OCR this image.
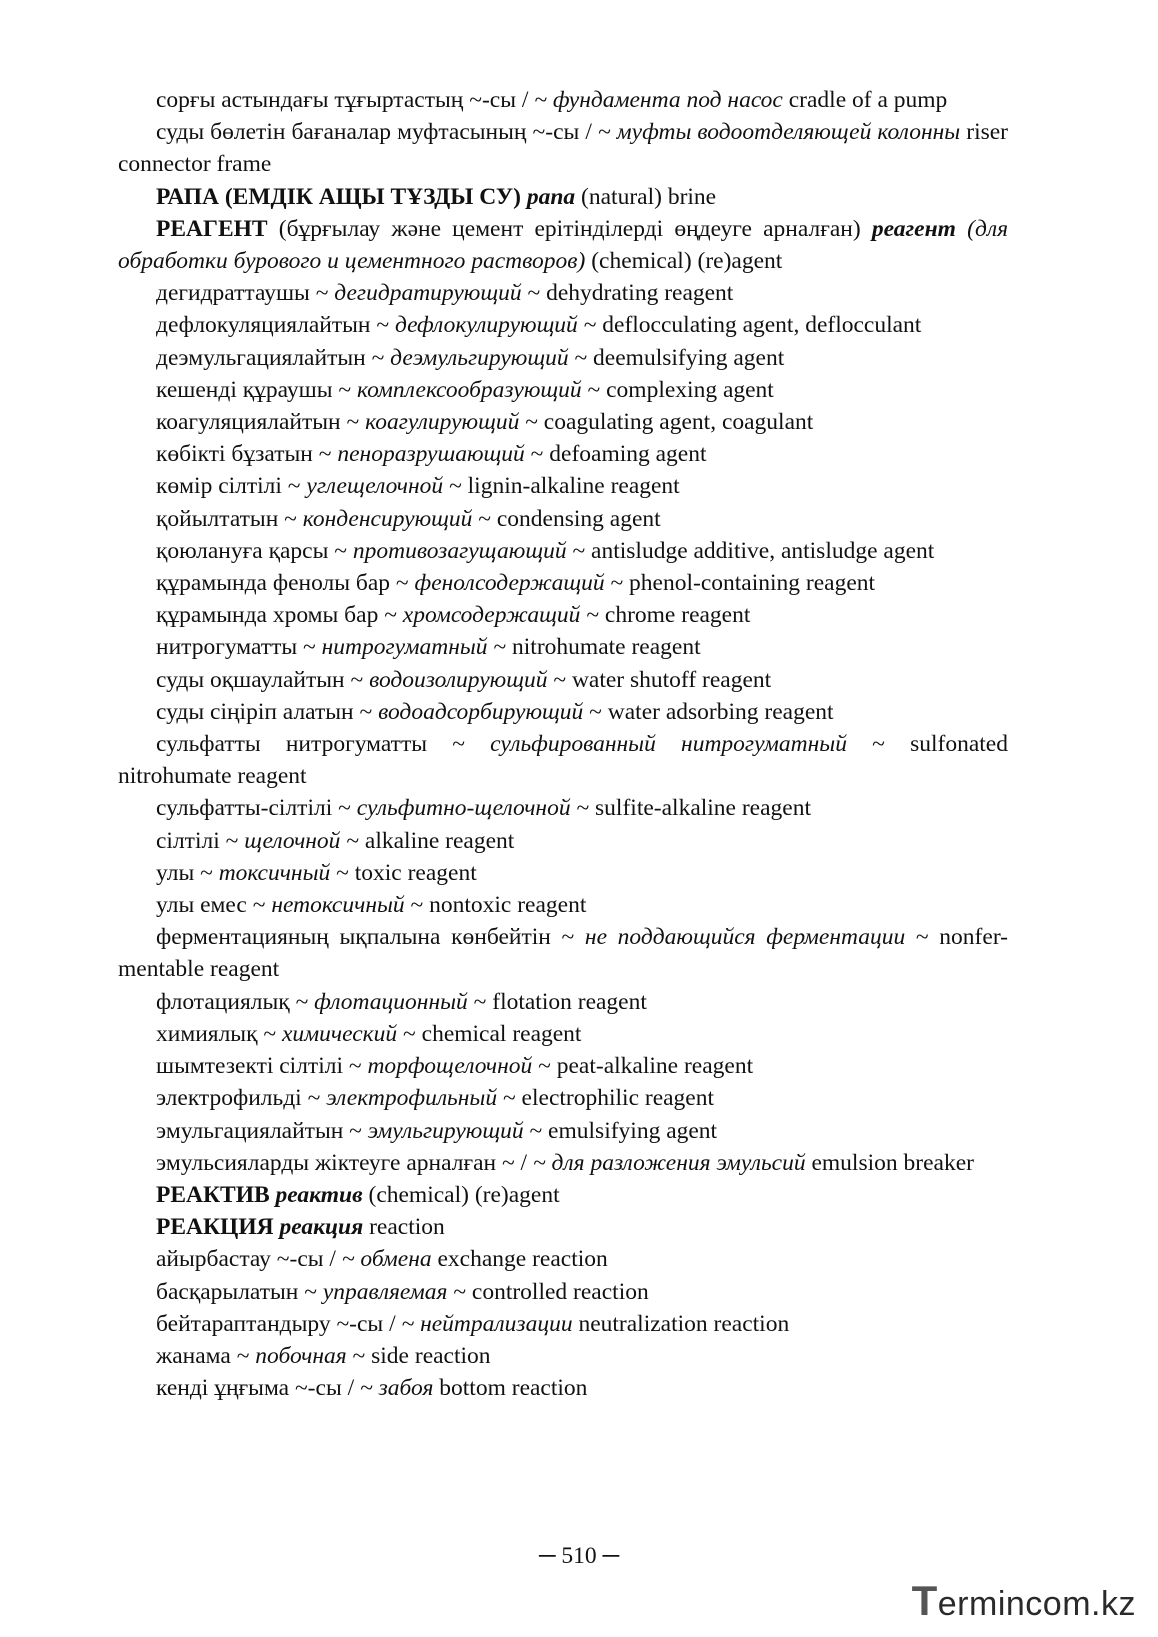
сорғы астындағы тұғыртастың ~-сы / ~ фундамента под насос cradle of a pump

суды бөлетін бағаналар муфтасының ~-сы / ~ муфты водоотделяющей колонны riser connector frame

РАПА (ЕМДІК АЩЫ ТҰЗДЫ СУ) рапа (natural) brine

РЕАГЕНТ (бұрғылау және цемент ерітінділерді өңдеуге арналған) реагент (для обработки бурового и цементного растворов) (chemical) (re)agent

дегидраттаушы ~ дегидратирующий ~ dehydrating reagent

дефлокуляциялайтын ~ дефлокулирующий ~ deflocculating agent, deflocculant

деэмульгациялайтын ~ деэмульгирующий ~ deemulsifying agent

кешенді құраушы ~ комплексообразующий ~ complexing agent

коагуляциялайтын ~ коагулирующий ~ coagulating agent, coagulant

көбікті бұзатын ~ пеноразрушающий ~ defoaming agent

көмір сілтілі ~ углещелочной ~ lignin-alkaline reagent

қойылтатын ~ конденсирующий ~ condensing agent

қоюлануға қарсы ~ противозагущающий ~ antisludge additive, antisludge agent

құрамында фенолы бар ~ фенолсодержащий ~ phenol-containing reagent

құрамында хромы бар ~ хромсодержащий ~ chrome reagent

нитрогуматты ~ нитрогуматный ~ nitrohumate reagent

суды оқшаулайтын ~ водоизолирующий ~ water shutoff reagent

суды сіңіріп алатын ~ водоадсорбирующий ~ water adsorbing reagent

сульфатты нитрогуматты ~ сульфированный нитрогуматный ~ sulfonated nitrohumate reagent

сульфатты-сілтілі ~ сульфитно-щелочной ~ sulfite-alkaline reagent

сілтілі ~ щелочной ~ alkaline reagent

улы ~ токсичный ~ toxic reagent

улы емес ~ нетоксичный ~ nontoxic reagent

ферментацияның ықпалына көнбейтін ~ не поддающийся ферментации ~ nonfer-mentable reagent

флотациялық ~ флотационный ~ flotation reagent

химиялық ~ химический ~ chemical reagent

шымтезекті сілтілі ~ торфощелочной ~ peat-alkaline reagent

электрофильді ~ электрофильный ~ electrophilic reagent

эмульгациялайтын ~ эмульгирующий ~ emulsifying agent

эмульсияларды жіктеуге арналған ~ / ~ для разложения эмульсий emulsion breaker

РЕАКТИВ реактив (chemical) (re)agent

РЕАКЦИЯ реакция reaction

айырбастау ~-сы / ~ обмена exchange reaction

басқарылатын ~ управляемая ~ controlled reaction

бейтараптандыру ~-сы / ~ нейтрализации neutralization reaction

жанама ~ побочная ~ side reaction

кенді ұңғыма ~-сы / ~ забоя bottom reaction

─ 510 ─
Termincom.kz
